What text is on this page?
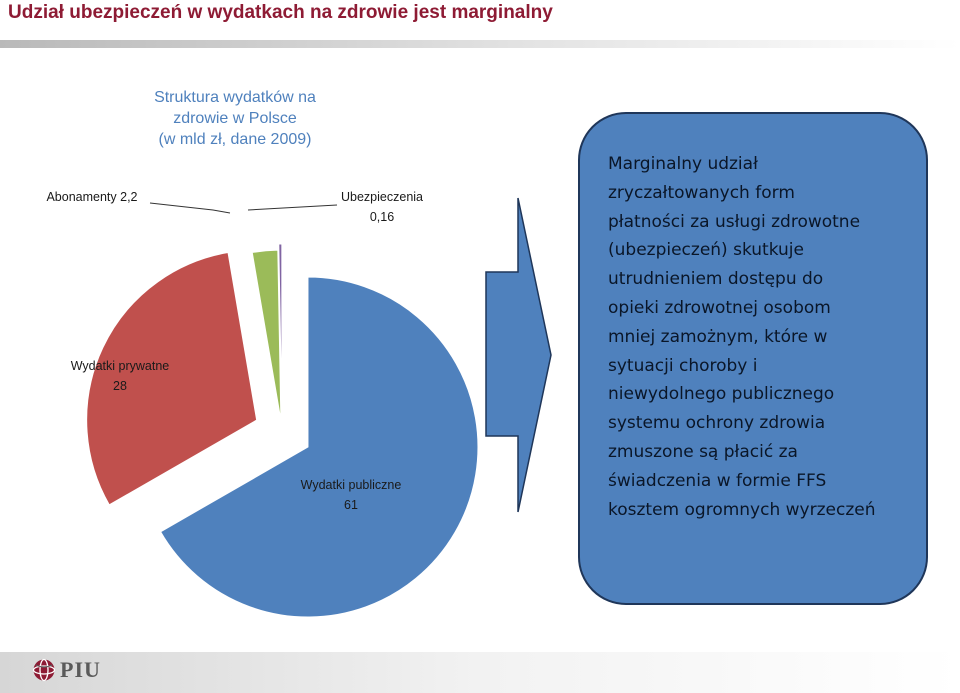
Udział ubezpieczeń w wydatkach na zdrowie jest marginalny
Struktura wydatków na
zdrowie w Polsce
(w mld zł, dane 2009)
Wydatki publiczne
61
Wydatki prywatne
28
Abonamenty 2,2	Ubezpieczenia
0,16

Marginalny udział
zryczałtowanych form
płatności za usługi zdrowotne
(ubezpieczeń) skutkuje
utrudnieniem dostępu do
opieki zdrowotnej osobom
mniej zamożnym, które w
sytuacji choroby i
niewydolnego publicznego
systemu ochrony zdrowia
zmuszone są płacić za
świadczenia w formie FFS
kosztem ogromnych wyrzeczeń

PIU
